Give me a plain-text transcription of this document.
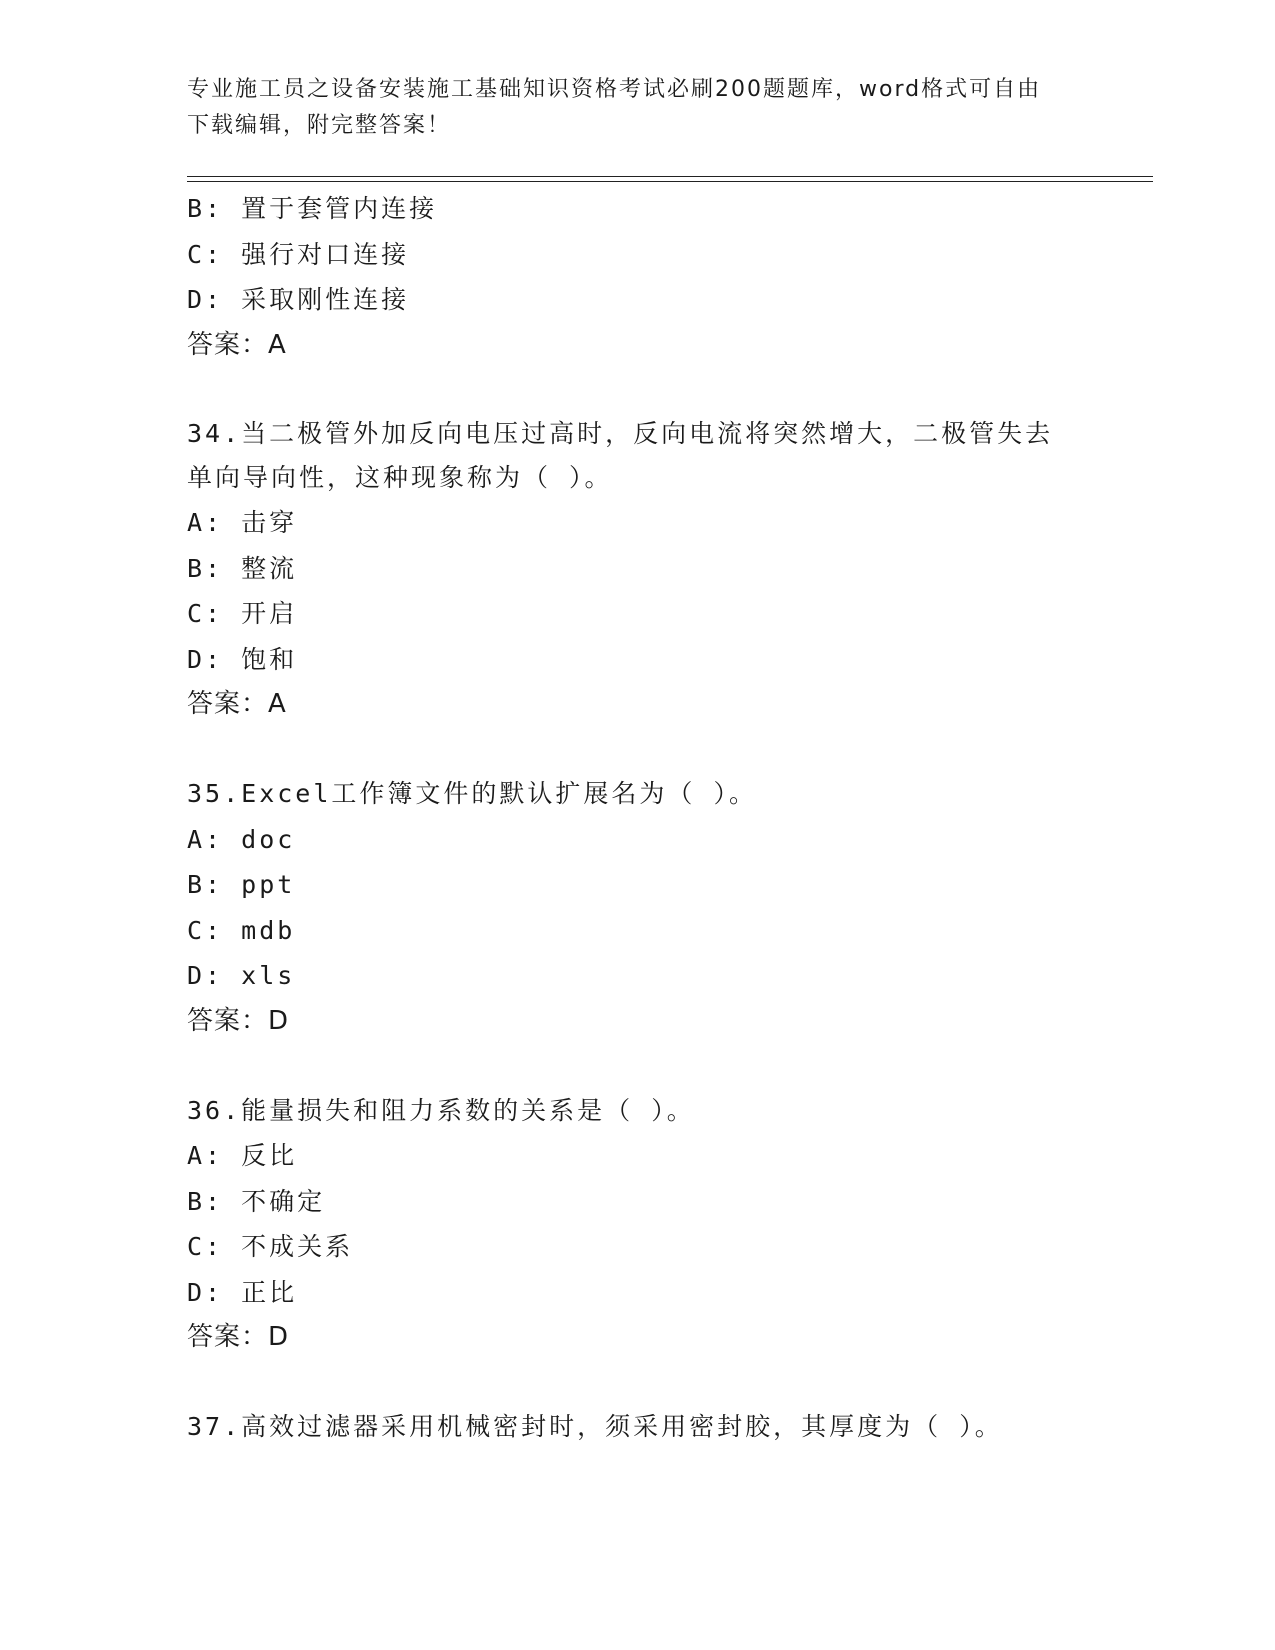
专业施工员之设备安装施工基础知识资格考试必刷200题题库，word格式可自由
下载编辑，附完整答案！
B: 置于套管内连接
C: 强行对口连接
D: 采取刚性连接
答案：A
34.当二极管外加反向电压过高时，反向电流将突然增大，二极管失去
单向导向性，这种现象称为（ ）。
A: 击穿
B: 整流
C: 开启
D: 饱和
答案：A
35.Excel工作簿文件的默认扩展名为（ ）。
A: doc
B: ppt
C: mdb
D: xls
答案：D
36.能量损失和阻力系数的关系是（ ）。
A: 反比
B: 不确定
C: 不成关系
D: 正比
答案：D
37.高效过滤器采用机械密封时，须采用密封胶，其厚度为（ ）。
